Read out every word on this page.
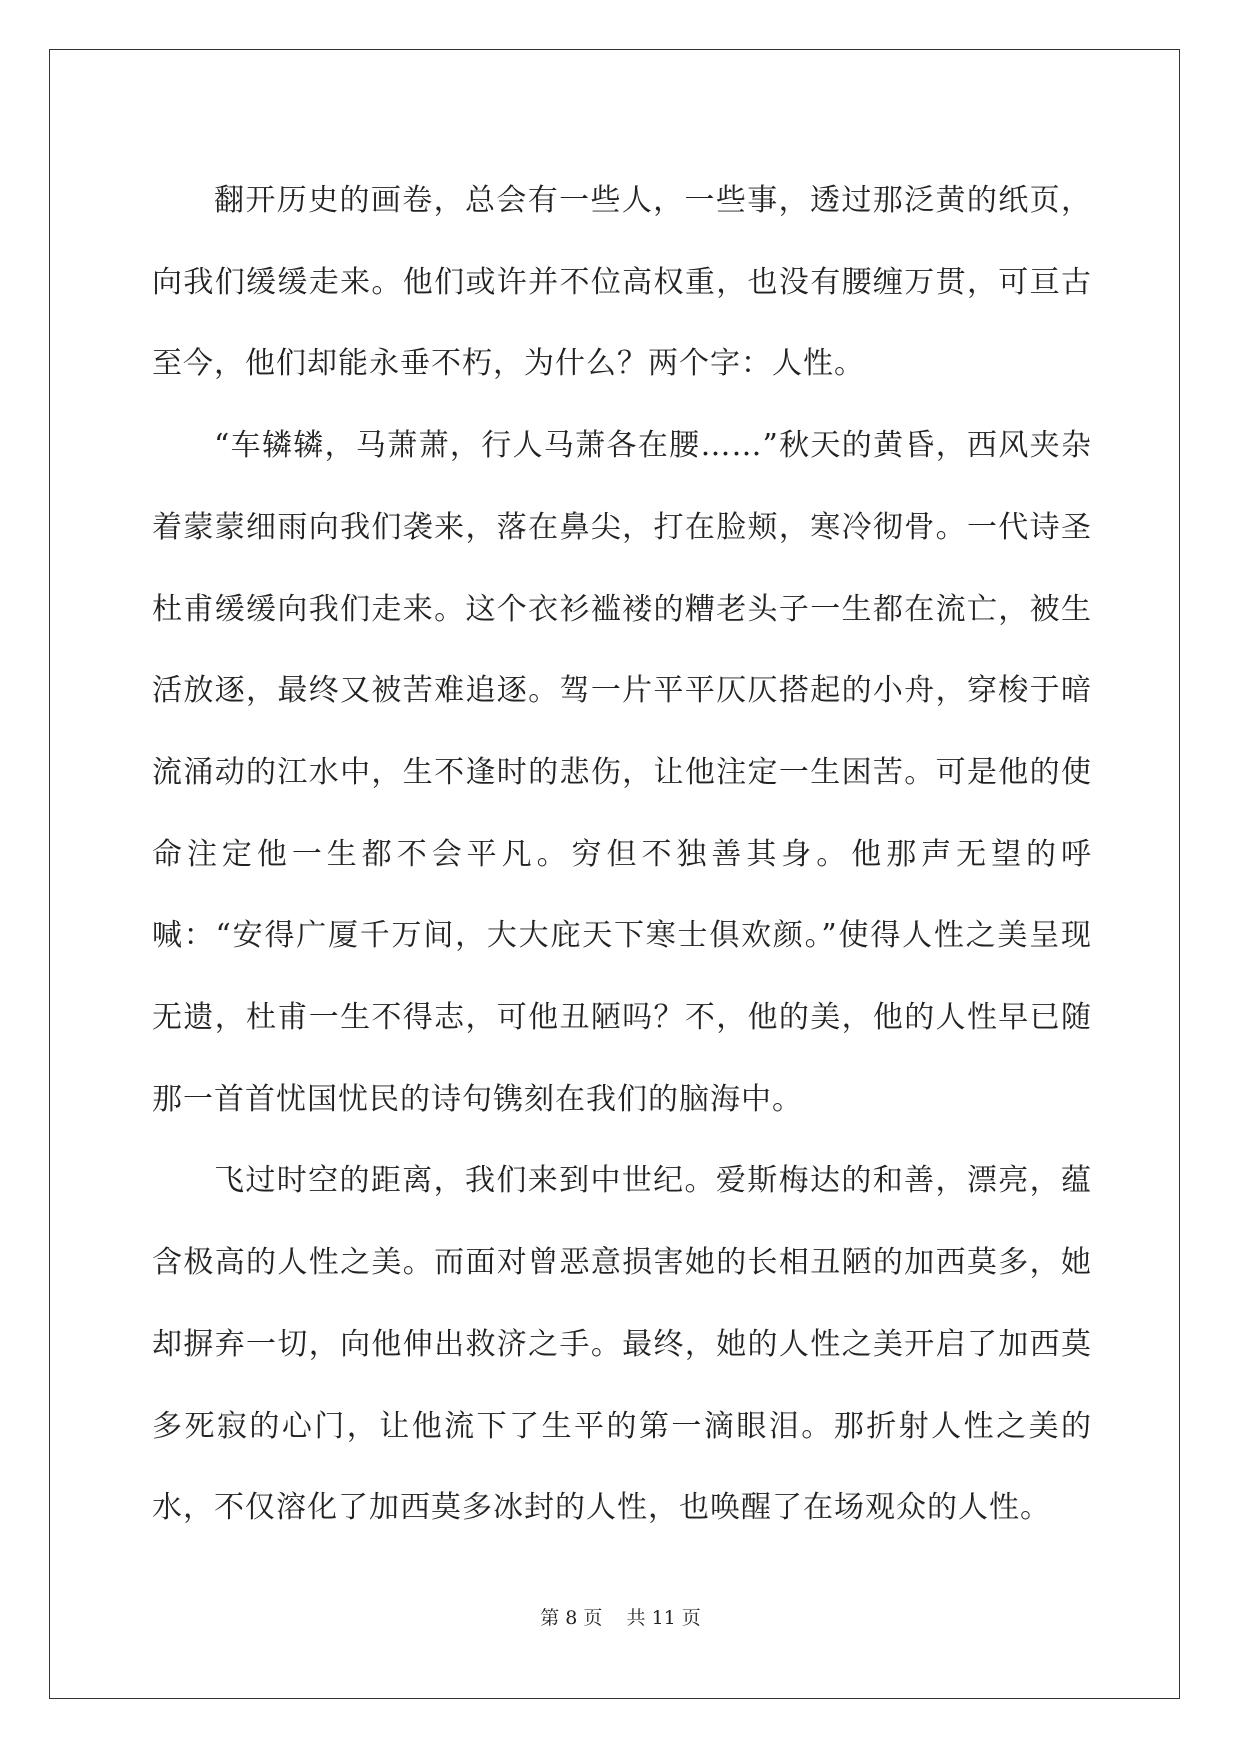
翻开历史的画卷，总会有一些人，一些事，透过那泛黄的纸页，向我们缓缓走来。他们或许并不位高权重，也没有腰缠万贯，可亘古至今，他们却能永垂不朽，为什么？两个字：人性。

“车辚辚，马萧萧，行人马萧各在腰……”秋天的黄昏，西风夹杂着蒙蒙细雨向我们袭来，落在鼻尖，打在脸颊，寒冷彻骨。一代诗圣杜甫缓缓向我们走来。这个衣衫褴褛的糟老头子一生都在流亡，被生活放逐，最终又被苦难追逐。驾一片平平仄仄搭起的小舟，穿梭于暗流涌动的江水中，生不逢时的悲伤，让他注定一生困苦。可是他的使命注定他一生都不会平凡。穷但不独善其身。他那声无望的呼喊：“安得广厦千万间，大大庇天下寒士俱欢颜。”使得人性之美呈现无遗，杜甫一生不得志，可他丑陋吗？不，他的美，他的人性早已随那一首首忧国忧民的诗句镌刻在我们的脑海中。

飞过时空的距离，我们来到中世纪。爱斯梅达的和善，漂亮，蕴含极高的人性之美。而面对曾恶意损害她的长相丑陋的加西莫多，她却摒弃一切，向他伸出救济之手。最终，她的人性之美开启了加西莫多死寂的心门，让他流下了生平的第一滴眼泪。那折射人性之美的水，不仅溶化了加西莫多冰封的人性，也唤醒了在场观众的人性。

第 8 页 共 11 页
